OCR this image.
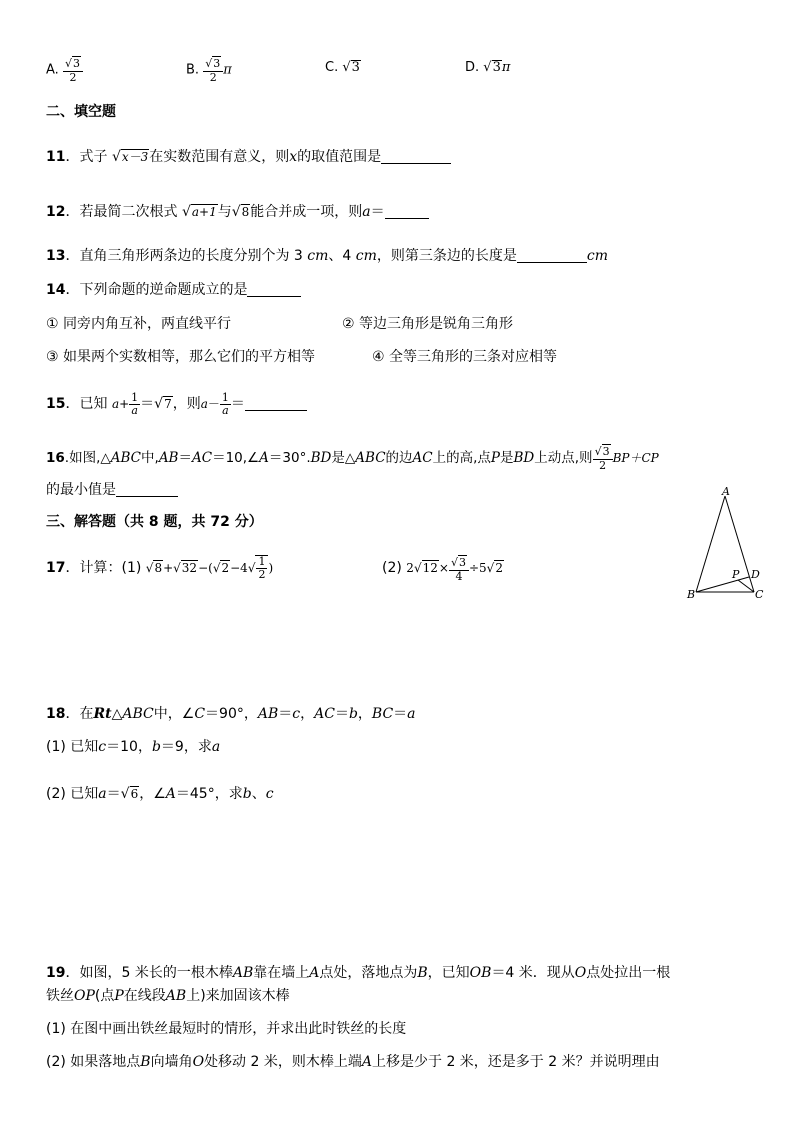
A. $\frac{√3}{2}$	B. $\frac{√3}{2}$ π	C. √3	D. √3π
二、填空题
11．式子 √x－3在实数范围有意义，则x的取值范围是
12．若最简二次根式 √a+1与√8能合并成一项，则a＝
13．直角三角形两条边的长度分别个为 3 cm、4 cm，则第三条边的长度是	cm
14．下列命题的逆命题成立的是
① 同旁内角互补，两直线平行	② 等边三角形是锐角三角形
③ 如果两个实数相等，那么它们的平方相等	④ 全等三角形的三条对应相等
15．已知 $a+ \frac{1}{a} =√7$，则$a- \frac{1}{a}$ ＝
16.如图,△ABC中,AB＝AC＝10,∠A＝30°.BD是△ABC的边AC上的高,点P是BD上动点,则 $\frac{√3}{2} BP+CP$
的最小值是
三、解答题（共 8 题，共 72 分）
17．计算：(1) $√8+√32-(√2-4√ \frac{1}{2}$ )	(2) $2√12\times \frac{√3}{4} \div 5√2$
A
B	C
D
P
18．在Rt△ABC中，∠C＝90°，AB＝c，AC＝b，BC＝a
(1) 已知c＝10，b＝9，求a
(2) 已知a＝√6，∠A＝45°，求b、c
19．如图，5 米长的一根木棒AB靠在墙上A点处，落地点为B，已知OB＝4 米．现从O点处拉出一根
铁丝OP(点P在线段AB上)来加固该木棒
(1) 在图中画出铁丝最短时的情形，并求出此时铁丝的长度
(2) 如果落地点B向墙角O处移动 2 米，则木棒上端A上移是少于 2 米，还是多于 2 米？并说明理由
